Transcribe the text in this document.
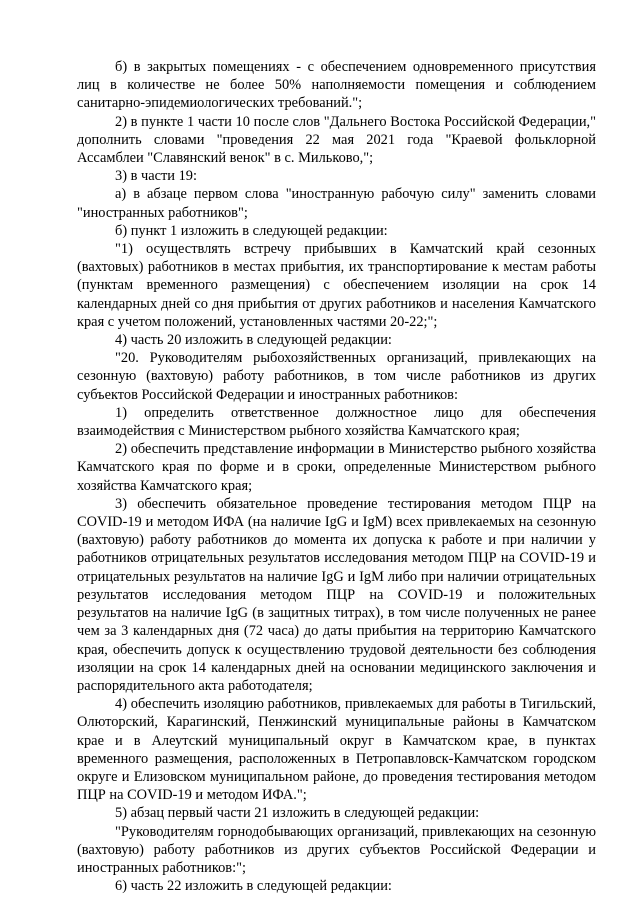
б) в закрытых помещениях - с обеспечением одновременного присутствия лиц в количестве не более 50% наполняемости помещения и соблюдением санитарно-эпидемиологических требований.";

2) в пункте 1 части 10 после слов "Дальнего Востока Российской Федерации," дополнить словами "проведения 22 мая 2021 года "Краевой фольклорной Ассамблеи "Славянский венок" в с. Мильково,";

3) в части 19:

а) в абзаце первом слова "иностранную рабочую силу" заменить словами "иностранных работников";

б) пункт 1 изложить в следующей редакции:

"1) осуществлять встречу прибывших в Камчатский край сезонных (вахтовых) работников в местах прибытия, их транспортирование к местам работы (пунктам временного размещения) с обеспечением изоляции на срок 14 календарных дней со дня прибытия от других работников и населения Камчатского края с учетом положений, установленных частями 20-22;";

4) часть 20 изложить в следующей редакции:

"20. Руководителям рыбохозяйственных организаций, привлекающих на сезонную (вахтовую) работу работников, в том числе работников из других субъектов Российской Федерации и иностранных работников:

1) определить ответственное должностное лицо для обеспечения взаимодействия с Министерством рыбного хозяйства Камчатского края;

2) обеспечить представление информации в Министерство рыбного хозяйства Камчатского края по форме и в сроки, определенные Министерством рыбного хозяйства Камчатского края;

3) обеспечить обязательное проведение тестирования методом ПЦР на COVID-19 и методом ИФА (на наличие IgG и IgM) всех привлекаемых на сезонную (вахтовую) работу работников до момента их допуска к работе и при наличии у работников отрицательных результатов исследования методом ПЦР на COVID-19 и отрицательных результатов на наличие IgG и IgM либо при наличии отрицательных результатов исследования методом ПЦР на COVID-19 и положительных результатов на наличие IgG (в защитных титрах), в том числе полученных не ранее чем за 3 календарных дня (72 часа) до даты прибытия на территорию Камчатского края, обеспечить допуск к осуществлению трудовой деятельности без соблюдения изоляции на срок 14 календарных дней на основании медицинского заключения и распорядительного акта работодателя;

4) обеспечить изоляцию работников, привлекаемых для работы в Тигильский, Олюторский, Карагинский, Пенжинский муниципальные районы в Камчатском крае и в Алеутский муниципальный округ в Камчатском крае, в пунктах временного размещения, расположенных в Петропавловск-Камчатском городском округе и Елизовском муниципальном районе, до проведения тестирования методом ПЦР на COVID-19 и методом ИФА.";

5) абзац первый части 21 изложить в следующей редакции:

"Руководителям горнодобывающих организаций, привлекающих на сезонную (вахтовую) работу работников из других субъектов Российской Федерации и иностранных работников:";

6) часть 22 изложить в следующей редакции:
